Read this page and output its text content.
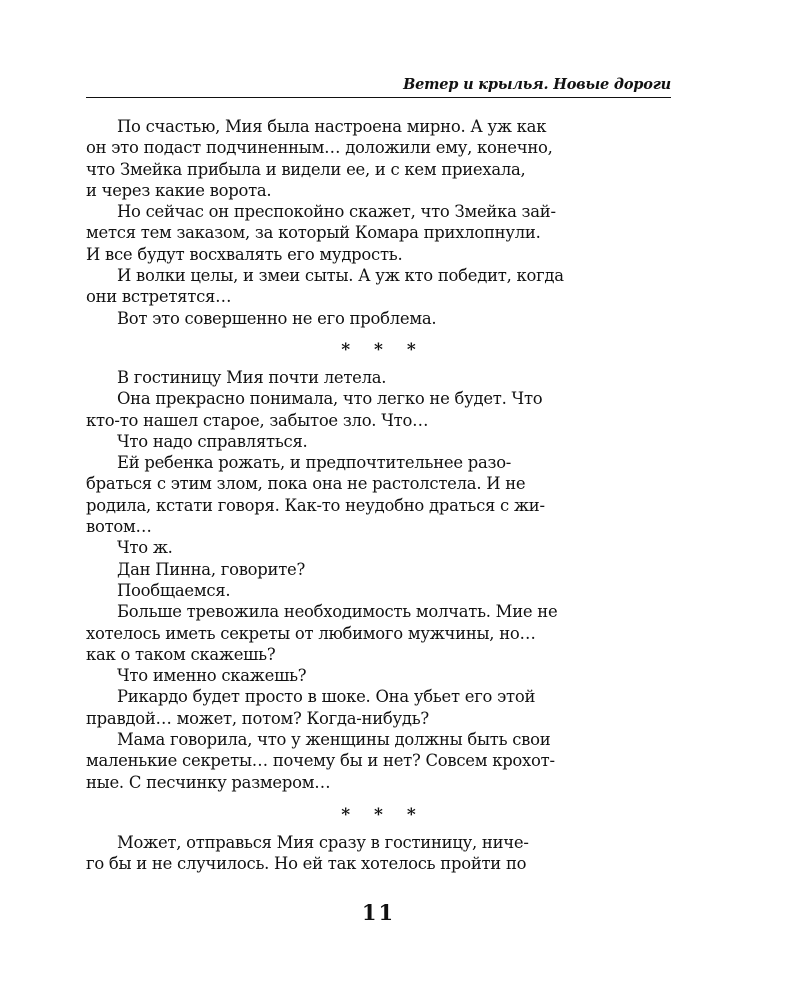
Ветер и крылья. Новые дороги

По счастью, Мия была настроена мирно. А уж как
он это подаст подчиненным… доложили ему, конечно,
что Змейка прибыла и видели ее, и с кем приехала,
и через какие ворота.

Но сейчас он преспокойно скажет, что Змейка зай-
мется тем заказом, за который Комара прихлопнули.
И все будут восхвалять его мудрость.

И волки целы, и змеи сыты. А уж кто победит, когда
они встретятся…

Вот это совершенно не его проблема.

* * *

В гостиницу Мия почти летела.

Она прекрасно понимала, что легко не будет. Что
кто-то нашел старое, забытое зло. Что…

Что надо справляться.

Ей ребенка рожать, и предпочтительнее разо-
браться с этим злом, пока она не растолстела. И не
родила, кстати говоря. Как-то неудобно драться с жи-
вотом…

Что ж.

Дан Пинна, говорите?

Пообщаемся.

Больше тревожила необходимость молчать. Мие не
хотелось иметь секреты от любимого мужчины, но…
как о таком скажешь?

Что именно скажешь?

Рикардо будет просто в шоке. Она убьет его этой
правдой… может, потом? Когда-нибудь?

Мама говорила, что у женщины должны быть свои
маленькие секреты… почему бы и нет? Совсем крохот-
ные. С песчинку размером…

* * *

Может, отправься Мия сразу в гостиницу, ниче-
го бы и не случилось. Но ей так хотелось пройти по

11
